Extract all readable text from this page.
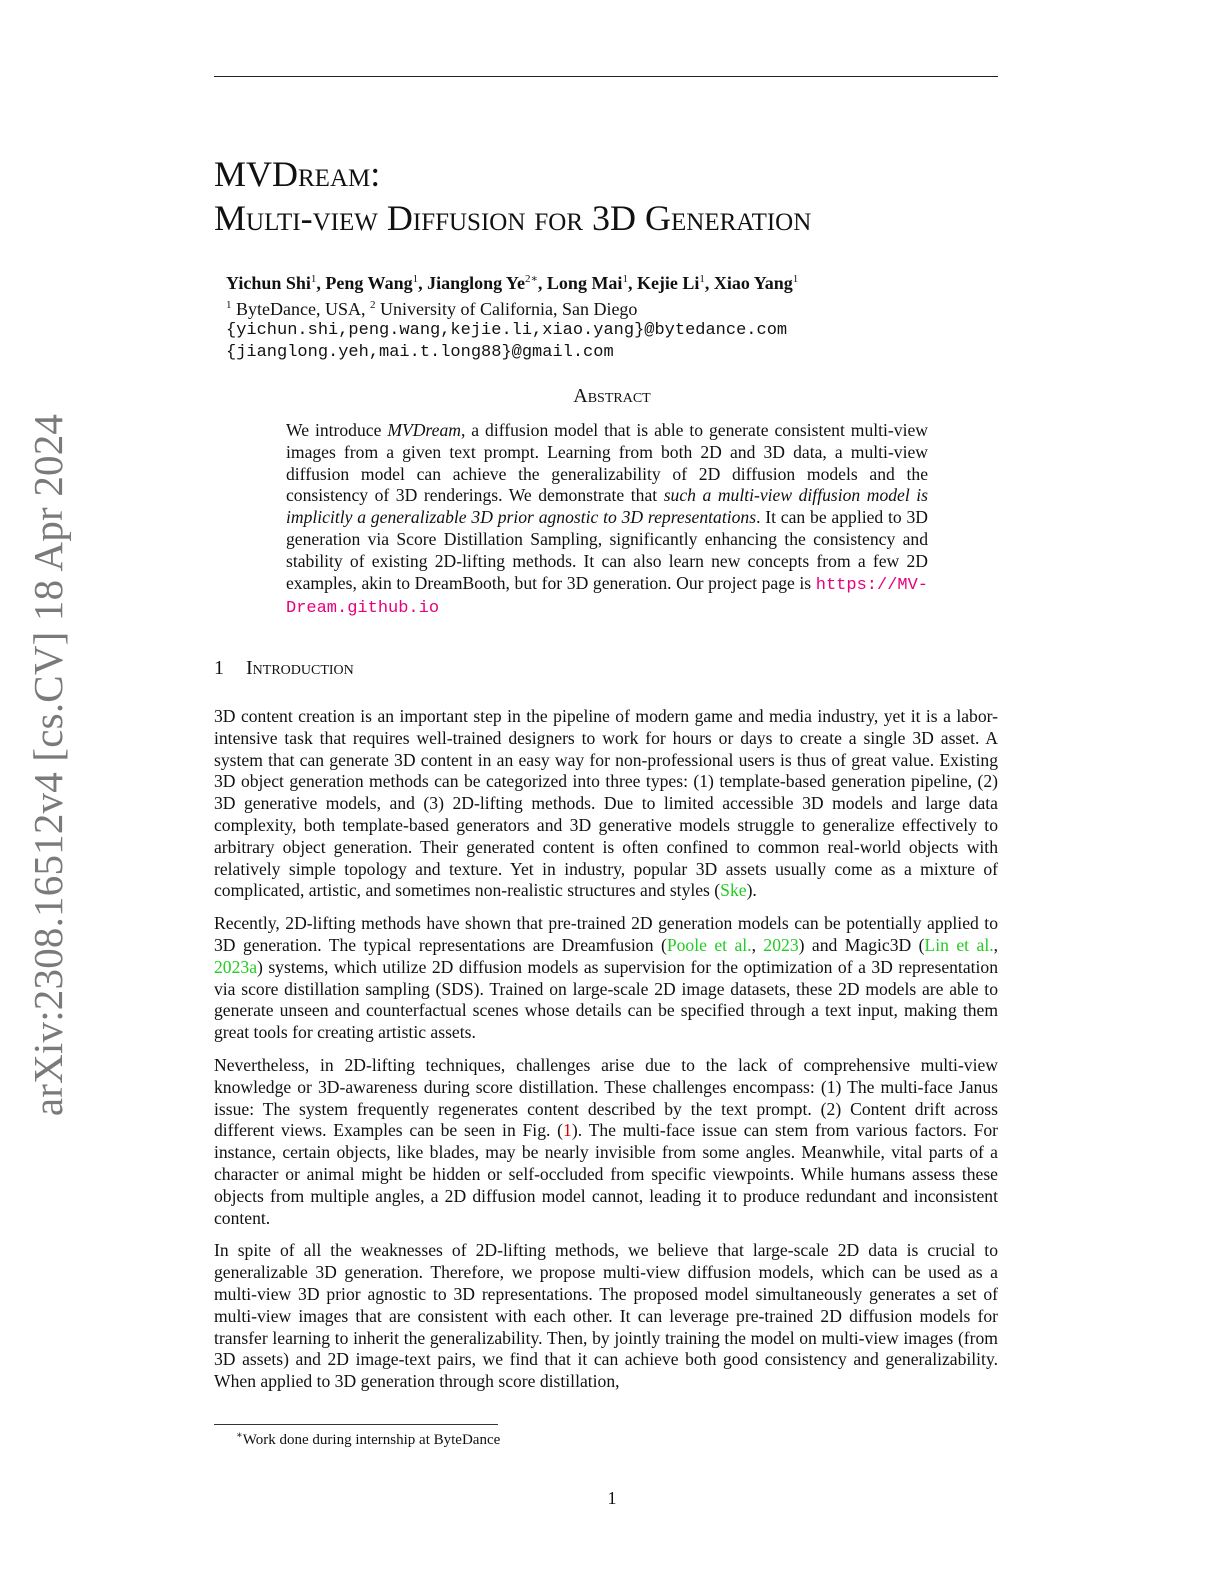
arXiv:2308.16512v4 [cs.CV] 18 Apr 2024
MVDream:
Multi-view Diffusion for 3D Generation
Yichun Shi$^1$, Peng Wang$^1$, Jianglong $Ye^{2∗}$, Long Mai$^1$, Kejie Li$^1$, Xiao Yang$^1$
$^1$ ByteDance, USA, $^2$ University of California, San Diego
{yichun.shi,peng.wang,kejie.li,xiao.yang}@bytedance.com
{jianglong.yeh,mai.t.long88}@gmail.com
Abstract

We introduce MVDream, a diffusion model that is able to generate consistent multi-view images from a given text prompt. Learning from both 2D and 3D data, a multi-view diffusion model can achieve the generalizability of 2D diffusion models and the consistency of 3D renderings. We demonstrate that such a multi-view diffusion model is implicitly a generalizable 3D prior agnostic to 3D representations. It can be applied to 3D generation via Score Distillation Sampling, significantly enhancing the consistency and stability of existing 2D-lifting methods. It can also learn new concepts from a few 2D examples, akin to DreamBooth, but for 3D generation. Our project page is https://MV-Dream.github.io

1 Introduction

3D content creation is an important step in the pipeline of modern game and media industry, yet it is a labor-intensive task that requires well-trained designers to work for hours or days to create a single 3D asset. A system that can generate 3D content in an easy way for non-professional users is thus of great value. Existing 3D object generation methods can be categorized into three types: (1) template-based generation pipeline, (2) 3D generative models, and (3) 2D-lifting methods. Due to limited accessible 3D models and large data complexity, both template-based generators and 3D generative models struggle to generalize effectively to arbitrary object generation. Their generated content is often confined to common real-world objects with relatively simple topology and texture. Yet in industry, popular 3D assets usually come as a mixture of complicated, artistic, and sometimes non-realistic structures and styles (Ske).

Recently, 2D-lifting methods have shown that pre-trained 2D generation models can be potentially applied to 3D generation. The typical representations are Dreamfusion (Poole et al., 2023) and Magic3D (Lin et al., 2023a) systems, which utilize 2D diffusion models as supervision for the optimization of a 3D representation via score distillation sampling (SDS). Trained on large-scale 2D image datasets, these 2D models are able to generate unseen and counterfactual scenes whose details can be specified through a text input, making them great tools for creating artistic assets.

Nevertheless, in 2D-lifting techniques, challenges arise due to the lack of comprehensive multi-view knowledge or 3D-awareness during score distillation. These challenges encompass: (1) The multi-face Janus issue: The system frequently regenerates content described by the text prompt. (2) Content drift across different views. Examples can be seen in Fig. (1). The multi-face issue can stem from various factors. For instance, certain objects, like blades, may be nearly invisible from some angles. Meanwhile, vital parts of a character or animal might be hidden or self-occluded from specific viewpoints. While humans assess these objects from multiple angles, a 2D diffusion model cannot, leading it to produce redundant and inconsistent content.

In spite of all the weaknesses of 2D-lifting methods, we believe that large-scale 2D data is crucial to generalizable 3D generation. Therefore, we propose multi-view diffusion models, which can be used as a multi-view 3D prior agnostic to 3D representations. The proposed model simultaneously generates a set of multi-view images that are consistent with each other. It can leverage pre-trained 2D diffusion models for transfer learning to inherit the generalizability. Then, by jointly training the model on multi-view images (from 3D assets) and 2D image-text pairs, we find that it can achieve both good consistency and generalizability. When applied to 3D generation through score distillation,

∗Work done during internship at ByteDance
1
